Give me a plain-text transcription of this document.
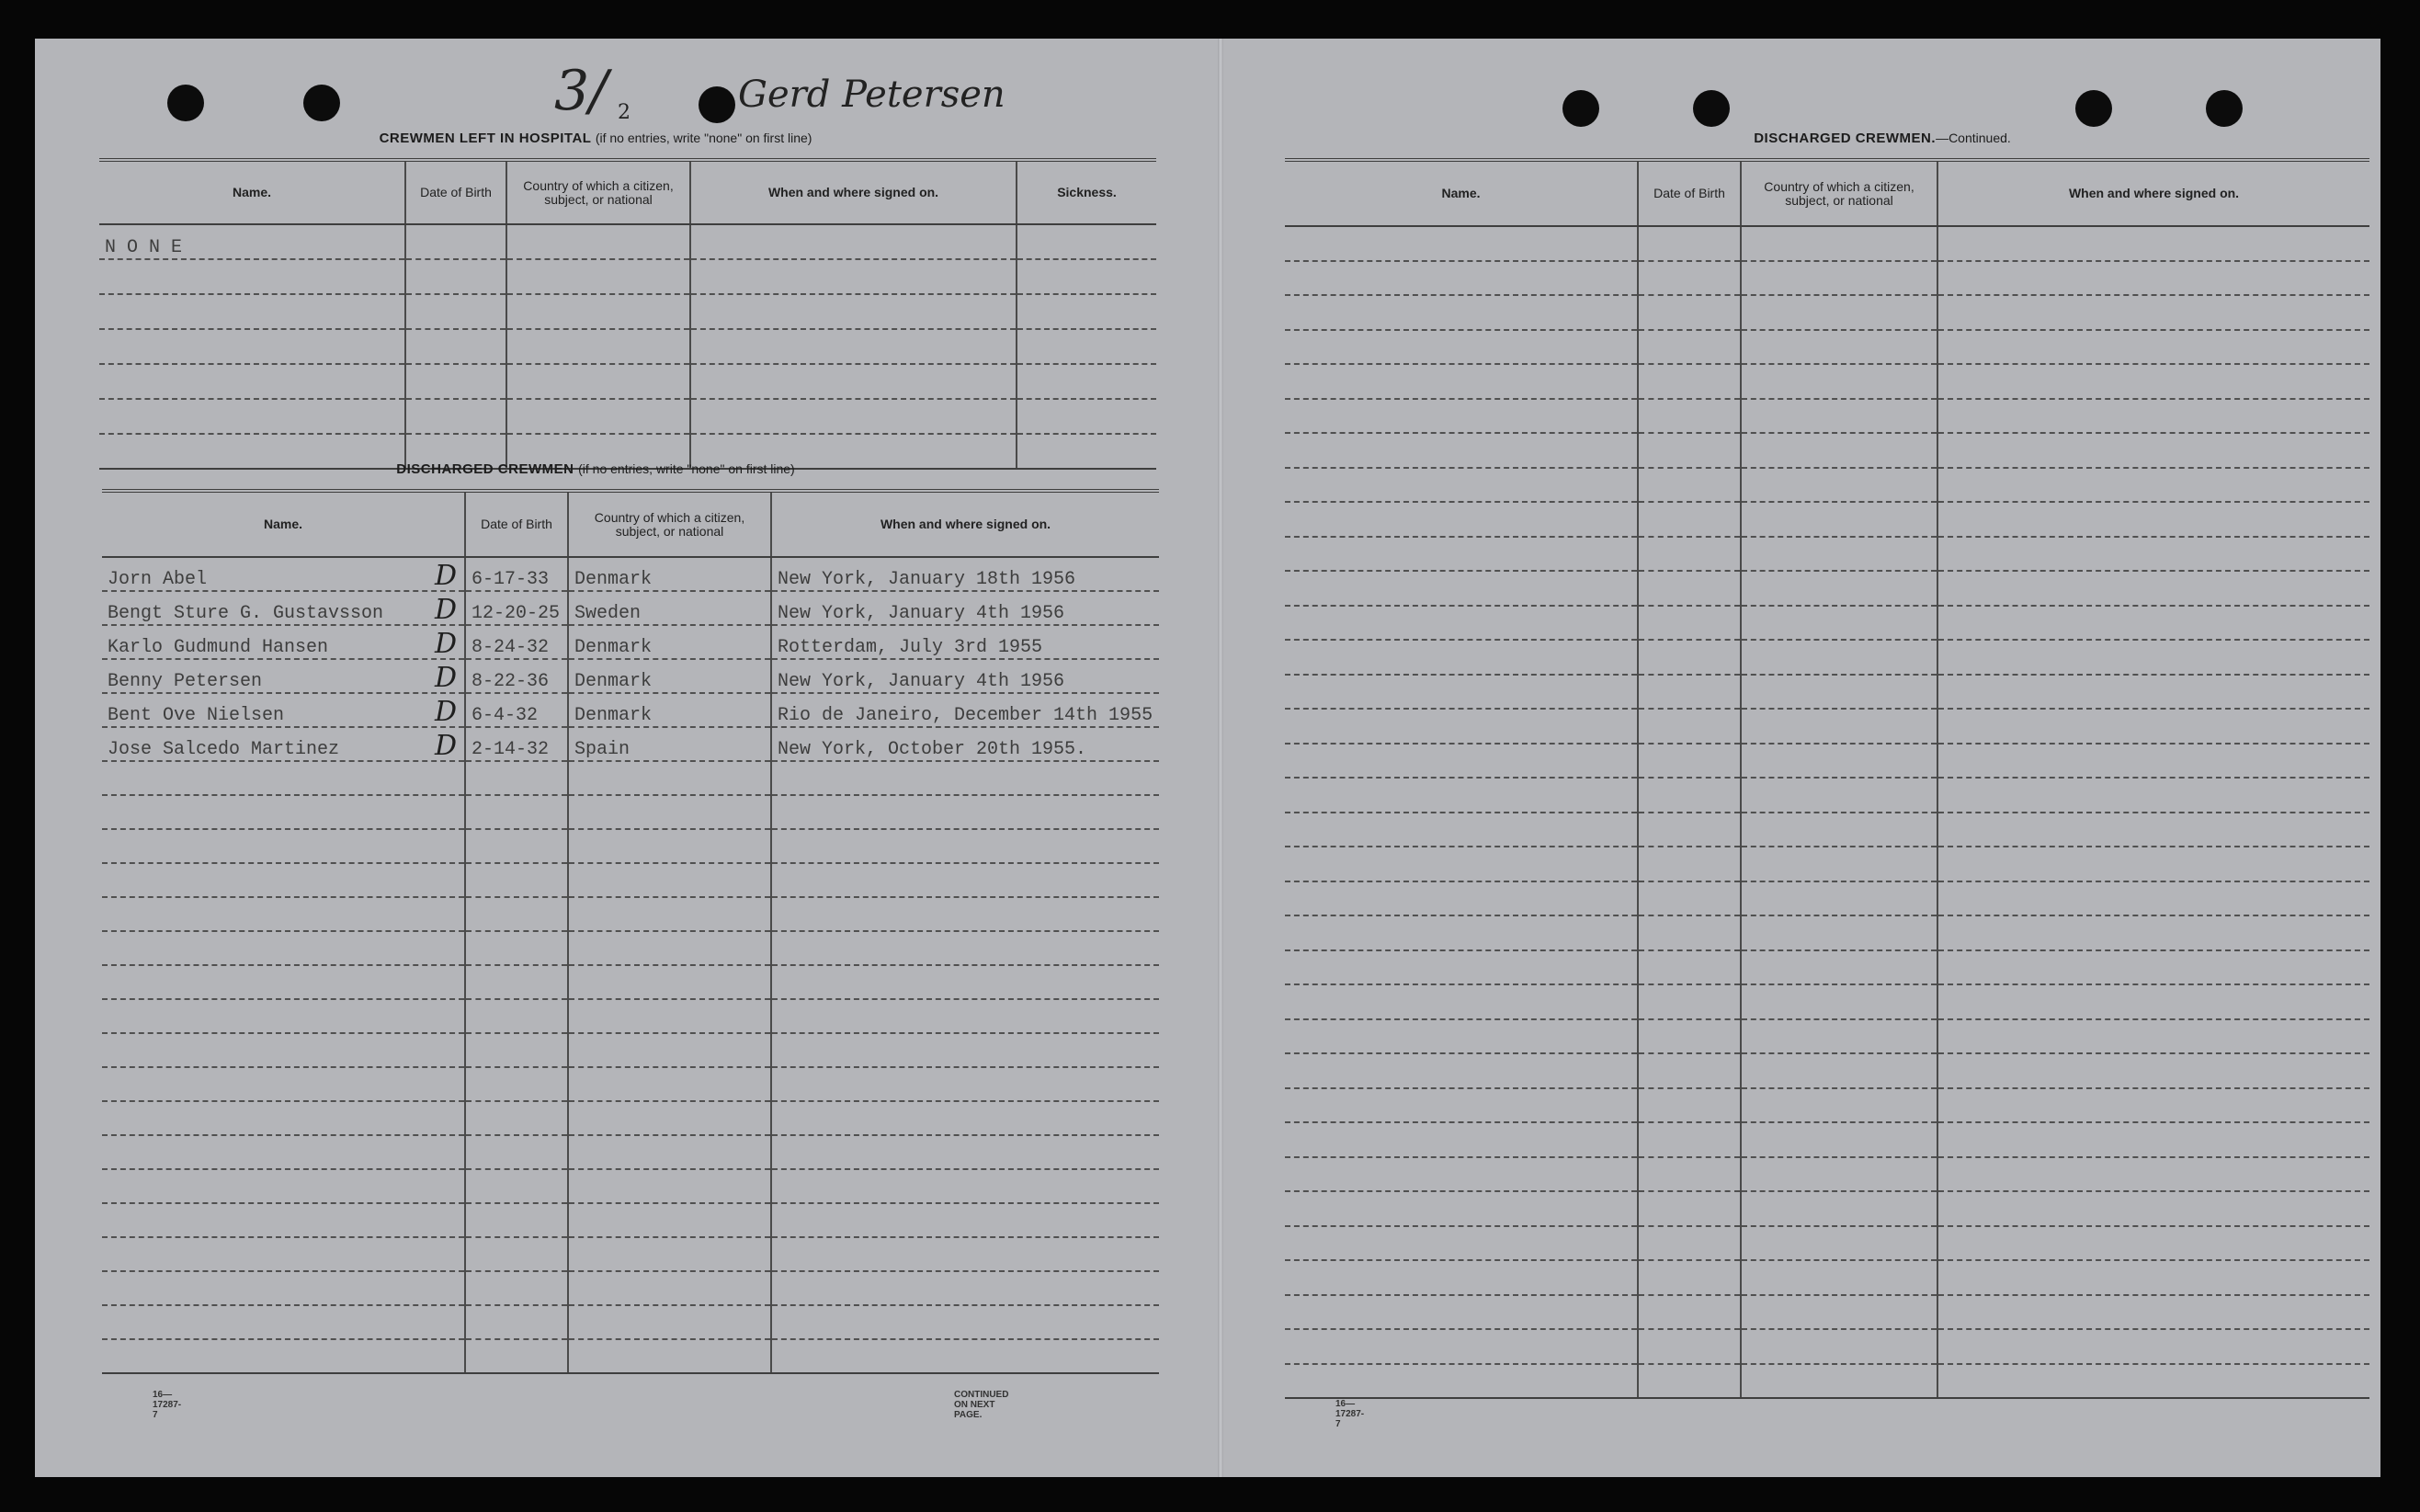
3/ 2	Gerd Petersen
CREWMEN LEFT IN HOSPITAL (if no entries, write "none" on first line)
Name.	Date of Birth	Country of which a citizen, subject, or national	When and where signed on.	Sickness.
N O N E				

DISCHARGED CREWMEN (if no entries, write "none" on first line)
Name.	Date of Birth	Country of which a citizen, subject, or national	When and where signed on.
Jorn Abel D	6-17-33	Denmark	New York, January 18th 1956
Bengt Sture G. Gustavsson D	12-20-25	Sweden	New York, January 4th 1956
Karlo Gudmund Hansen D	8-24-32	Denmark	Rotterdam, July 3rd 1955
Benny Petersen D	8-22-36	Denmark	New York, January 4th 1956
Bent Ove Nielsen D	6-4-32	Denmark	Rio de Janeiro, December 14th 1955
Jose Salcedo Martinez D	2-14-32	Spain	New York, October 20th 1955.

16—17287-7
CONTINUED ON NEXT PAGE.
DISCHARGED CREWMEN.—Continued.
Name.	Date of Birth	Country of which a citizen, subject, or national	When and where signed on.

16—17287-7
